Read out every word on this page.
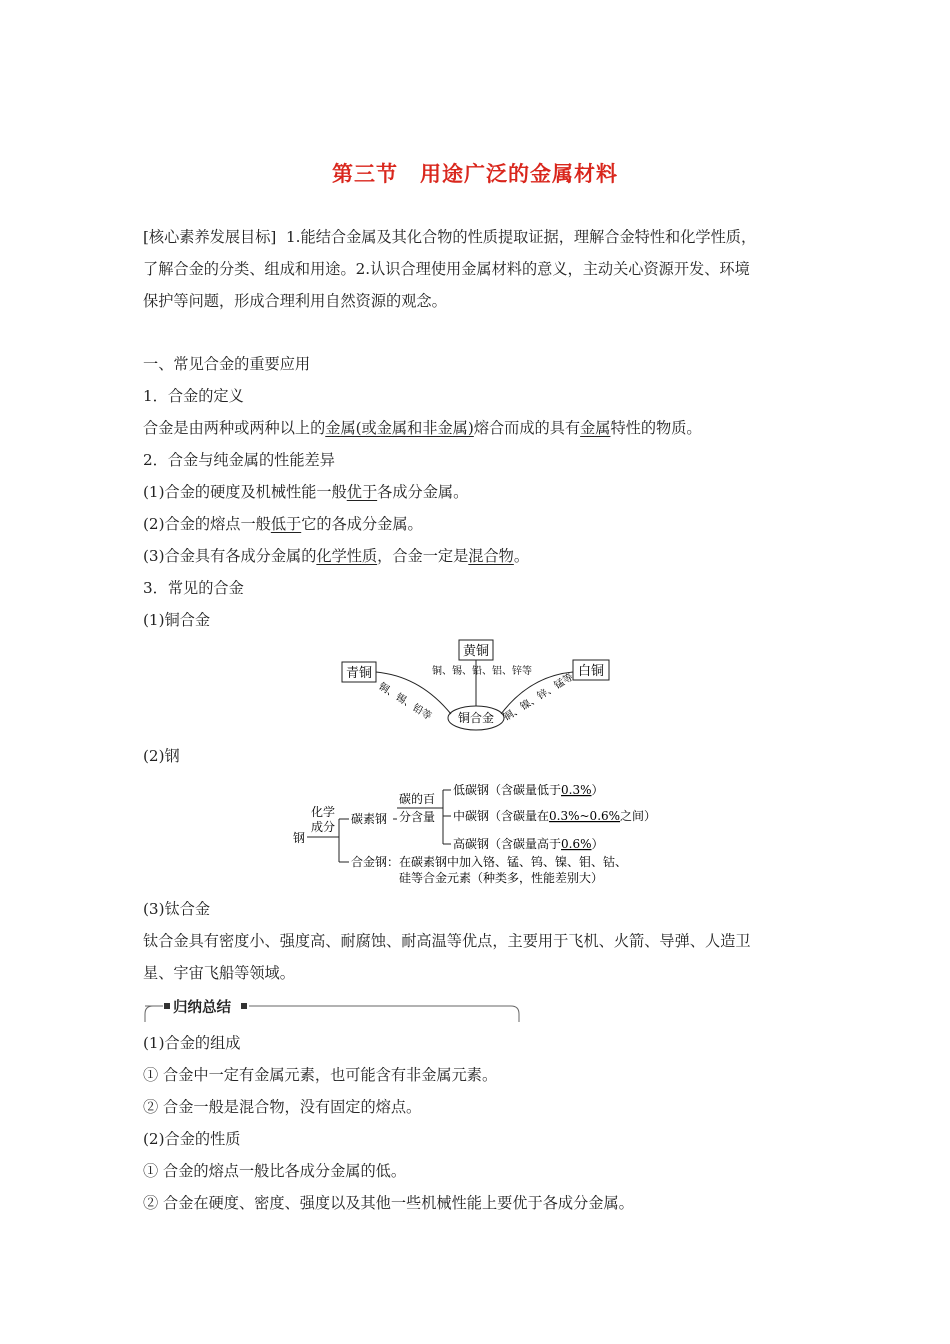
第三节 用途广泛的金属材料
[核心素养发展目标] 1.能结合金属及其化合物的性质提取证据，理解合金特性和化学性质，
了解合金的分类、组成和用途。2.认识合理使用金属材料的意义，主动关心资源开发、环境
保护等问题，形成合理利用自然资源的观念。
一、常见合金的重要应用
1．合金的定义
合金是由两种或两种以上的金属(或金属和非金属)熔合而成的具有金属特性的物质。
2．合金与纯金属的性能差异
(1)合金的硬度及机械性能一般优于各成分金属。
(2)合金的熔点一般低于它的各成分金属。
(3)合金具有各成分金属的化学性质，合金一定是混合物。
3．常见的合金
(1)铜合金
青铜
黄铜
白铜
铜合金
铜、锡、铅等
铜、锡、铅、铝、锌等
铜、镍、锌、锰等
(2)钢
钢
化学
成分
碳素钢
碳的百
分含量
低碳钢（含碳量低于0.3%）
中碳钢（含碳量在0.3%~0.6%之间）
高碳钢（含碳量高于0.6%）
合金钢：在碳素钢中加入铬、锰、钨、镍、钼、钴、
硅等合金元素（种类多，性能差别大）
(3)钛合金
钛合金具有密度小、强度高、耐腐蚀、耐高温等优点，主要用于飞机、火箭、导弹、人造卫
星、宇宙飞船等领域。
归纳总结
(1)合金的组成
① 合金中一定有金属元素，也可能含有非金属元素。
② 合金一般是混合物，没有固定的熔点。
(2)合金的性质
① 合金的熔点一般比各成分金属的低。
② 合金在硬度、密度、强度以及其他一些机械性能上要优于各成分金属。
